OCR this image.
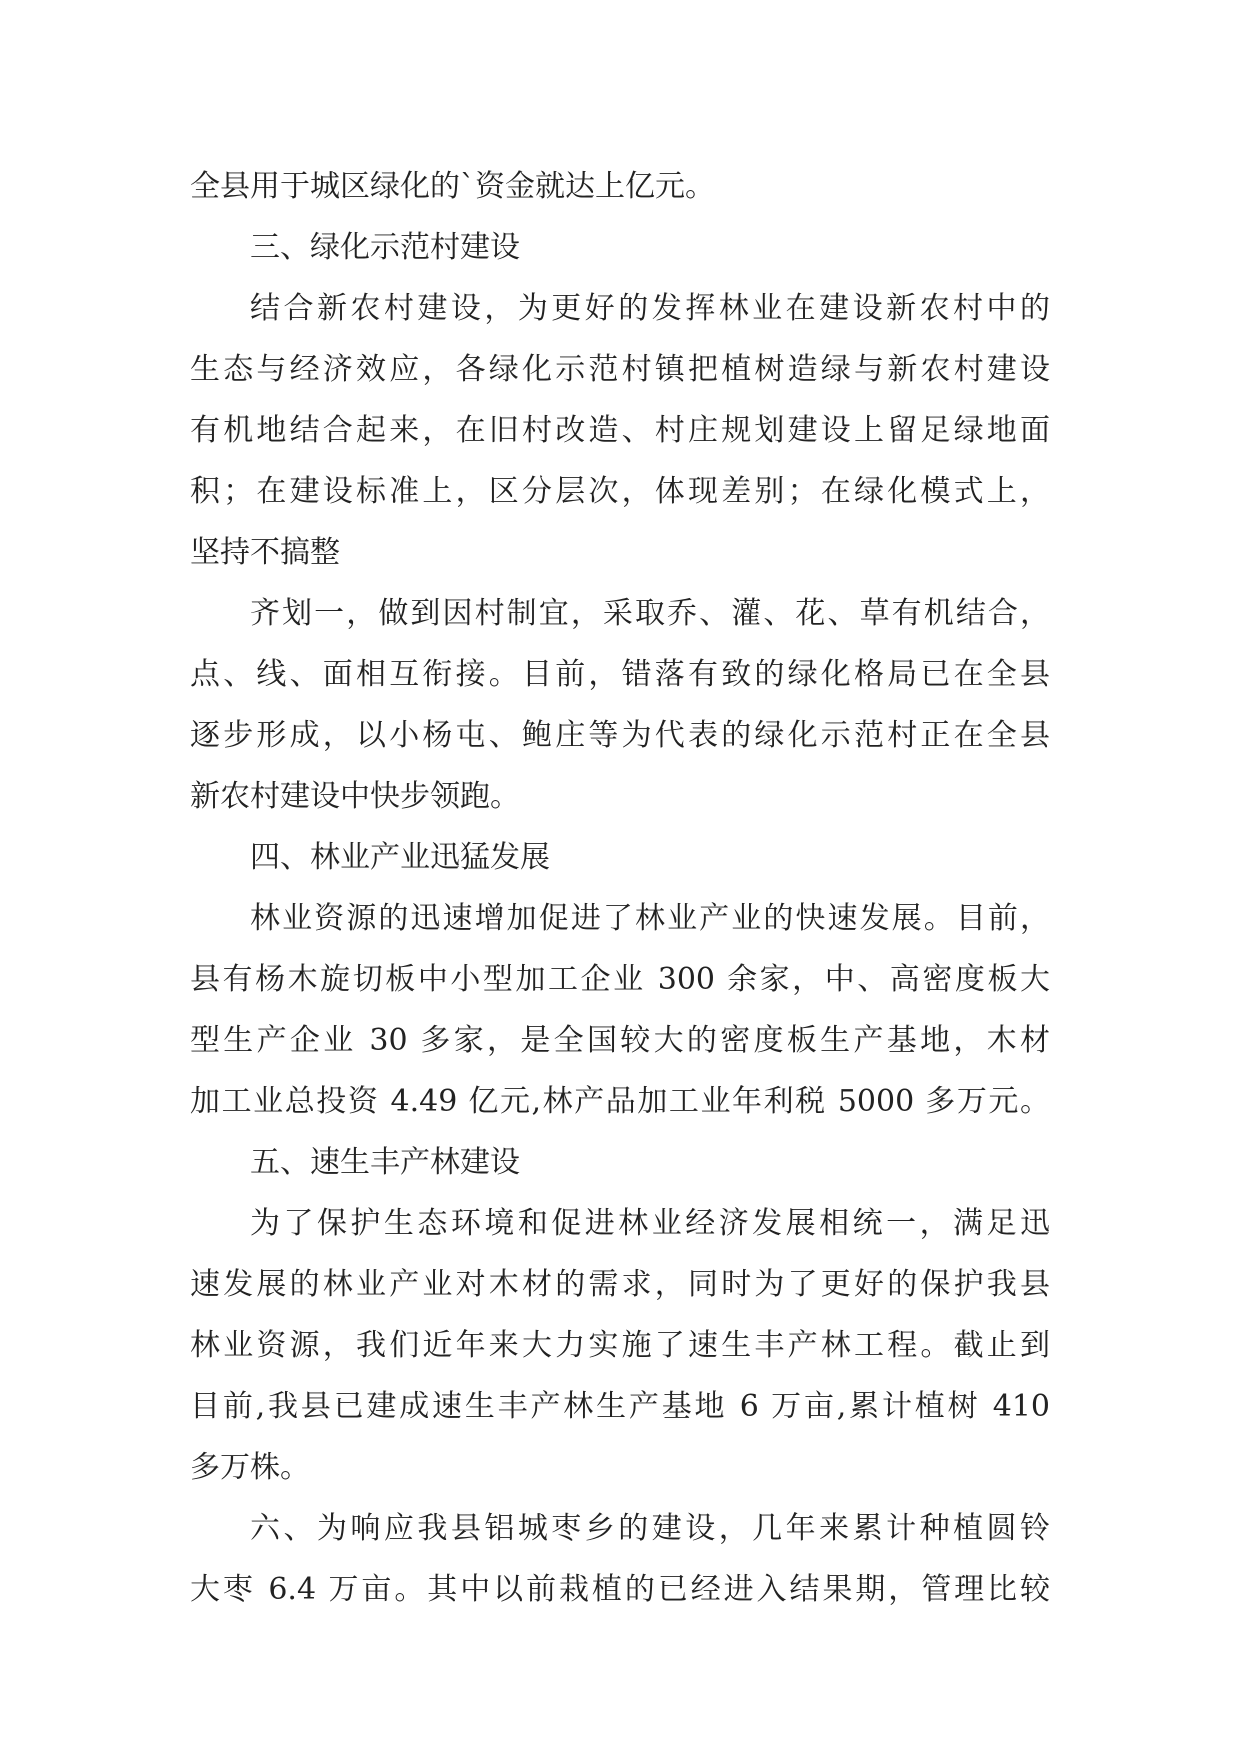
全县用于城区绿化的`资金就达上亿元。
三、绿化示范村建设
结合新农村建设，为更好的发挥林业在建设新农村中的
生态与经济效应，各绿化示范村镇把植树造绿与新农村建设
有机地结合起来，在旧村改造、村庄规划建设上留足绿地面
积；在建设标准上，区分层次，体现差别；在绿化模式上，
坚持不搞整
齐划一，做到因村制宜，采取乔、灌、花、草有机结合，
点、线、面相互衔接。目前，错落有致的绿化格局已在全县
逐步形成，以小杨屯、鲍庄等为代表的绿化示范村正在全县
新农村建设中快步领跑。
四、林业产业迅猛发展
林业资源的迅速增加促进了林业产业的快速发展。目前，
县有杨木旋切板中小型加工企业 300 余家，中、高密度板大
型生产企业 30 多家，是全国较大的密度板生产基地，木材
加工业总投资 4.49 亿元,林产品加工业年利税 5000 多万元。
五、速生丰产林建设
为了保护生态环境和促进林业经济发展相统一，满足迅
速发展的林业产业对木材的需求，同时为了更好的保护我县
林业资源，我们近年来大力实施了速生丰产林工程。截止到
目前,我县已建成速生丰产林生产基地 6 万亩,累计植树 410
多万株。
六、为响应我县铝城枣乡的建设，几年来累计种植圆铃
大枣 6.4 万亩。其中以前栽植的已经进入结果期，管理比较
